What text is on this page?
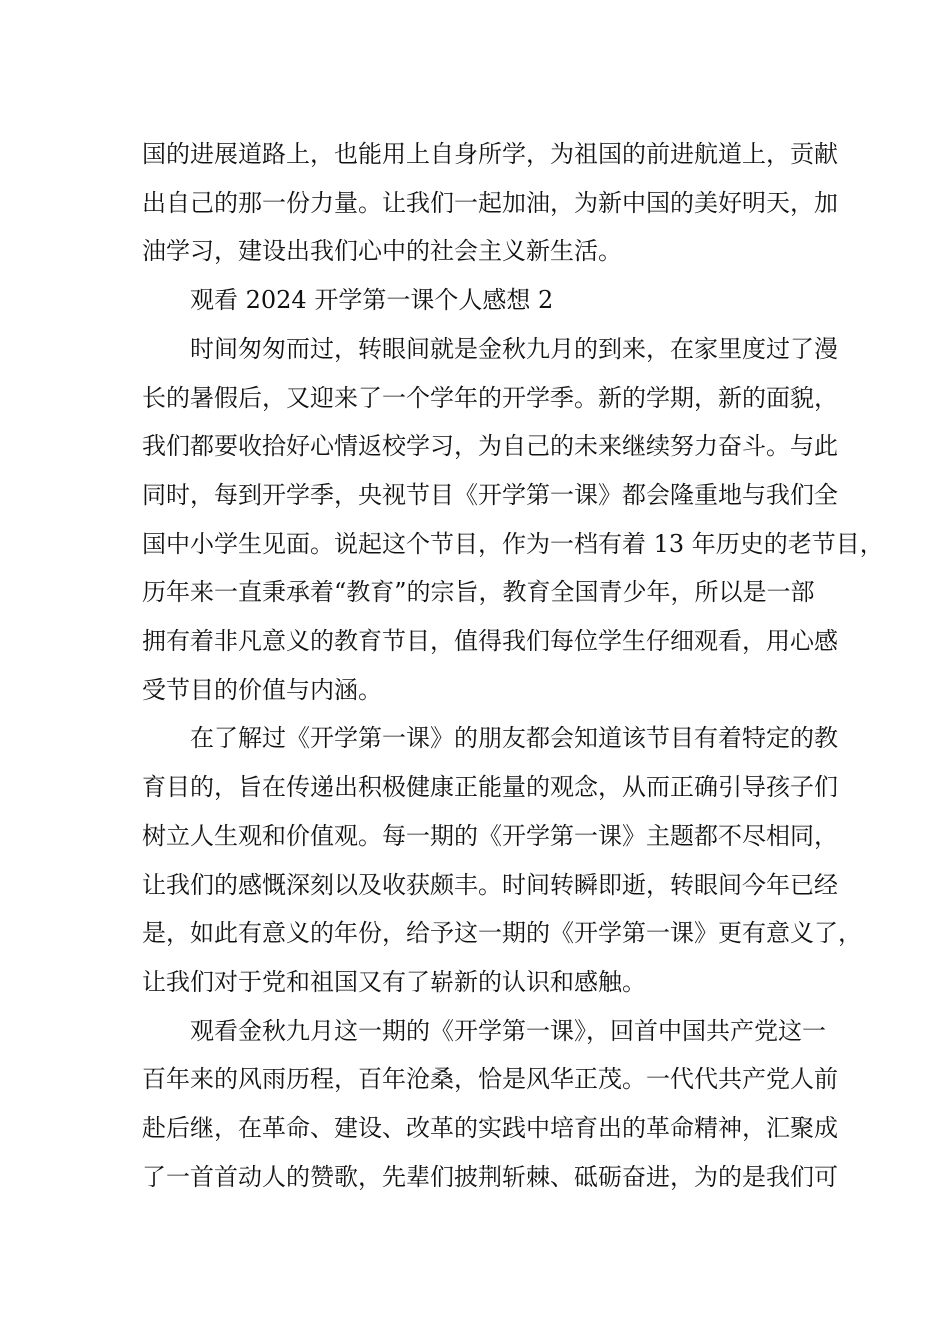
国的进展道路上，也能用上自身所学，为祖国的前进航道上，贡献
出自己的那一份力量。让我们一起加油，为新中国的美好明天，加
油学习，建设出我们心中的社会主义新生活。
观看 2024 开学第一课个人感想 2
时间匆匆而过，转眼间就是金秋九月的到来，在家里度过了漫
长的暑假后，又迎来了一个学年的开学季。新的学期，新的面貌，
我们都要收拾好心情返校学习，为自己的未来继续努力奋斗。与此
同时，每到开学季，央视节目《开学第一课》都会隆重地与我们全
国中小学生见面。说起这个节目，作为一档有着 13 年历史的老节目，
历年来一直秉承着“教育”的宗旨，教育全国青少年，所以是一部
拥有着非凡意义的教育节目，值得我们每位学生仔细观看，用心感
受节目的价值与内涵。
在了解过《开学第一课》的朋友都会知道该节目有着特定的教
育目的，旨在传递出积极健康正能量的观念，从而正确引导孩子们
树立人生观和价值观。每一期的《开学第一课》主题都不尽相同，
让我们的感慨深刻以及收获颇丰。时间转瞬即逝，转眼间今年已经
是，如此有意义的年份，给予这一期的《开学第一课》更有意义了，
让我们对于党和祖国又有了崭新的认识和感触。
观看金秋九月这一期的《开学第一课》，回首中国共产党这一
百年来的风雨历程，百年沧桑，恰是风华正茂。一代代共产党人前
赴后继，在革命、建设、改革的实践中培育出的革命精神，汇聚成
了一首首动人的赞歌，先辈们披荆斩棘、砥砺奋进，为的是我们可
